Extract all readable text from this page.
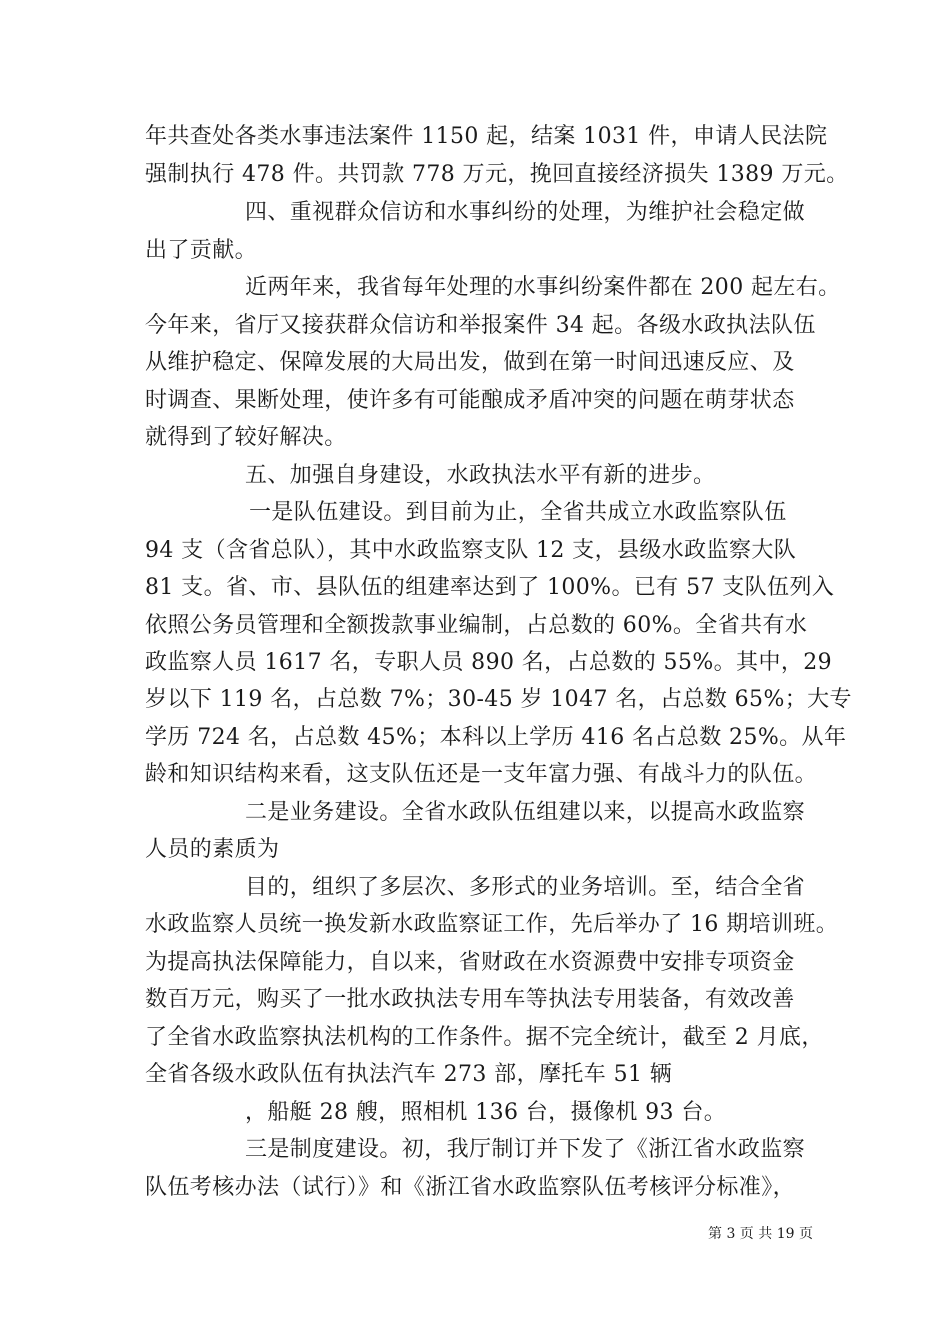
年共查处各类水事违法案件 1150 起，结案 1031 件，申请人民法院
强制执行 478 件。共罚款 778 万元，挽回直接经济损失 1389 万元。
四、重视群众信访和水事纠纷的处理，为维护社会稳定做
出了贡献。
近两年来，我省每年处理的水事纠纷案件都在 200 起左右。
今年来，省厅又接获群众信访和举报案件 34 起。各级水政执法队伍
从维护稳定、保障发展的大局出发，做到在第一时间迅速反应、及
时调查、果断处理，使许多有可能酿成矛盾冲突的问题在萌芽状态
就得到了较好解决。
五、加强自身建设，水政执法水平有新的进步。
一是队伍建设。到目前为止，全省共成立水政监察队伍
94 支（含省总队），其中水政监察支队 12 支，县级水政监察大队
81 支。省、市、县队伍的组建率达到了 100%。已有 57 支队伍列入
依照公务员管理和全额拨款事业编制，占总数的 60%。全省共有水
政监察人员 1617 名，专职人员 890 名，占总数的 55%。其中，29
岁以下 119 名，占总数 7%；30-45 岁 1047 名，占总数 65%；大专
学历 724 名，占总数 45%；本科以上学历 416 名占总数 25%。从年
龄和知识结构来看，这支队伍还是一支年富力强、有战斗力的队伍。
二是业务建设。全省水政队伍组建以来，以提高水政监察
人员的素质为
目的，组织了多层次、多形式的业务培训。至，结合全省
水政监察人员统一换发新水政监察证工作，先后举办了 16 期培训班。
为提高执法保障能力，自以来，省财政在水资源费中安排专项资金
数百万元，购买了一批水政执法专用车等执法专用装备，有效改善
了全省水政监察执法机构的工作条件。据不完全统计，截至 2 月底，
全省各级水政队伍有执法汽车 273 部，摩托车 51 辆
，船艇 28 艘，照相机 136 台，摄像机 93 台。
三是制度建设。初，我厅制订并下发了《浙江省水政监察
队伍考核办法（试行）》和《浙江省水政监察队伍考核评分标准》，
第 3 页 共 19 页
